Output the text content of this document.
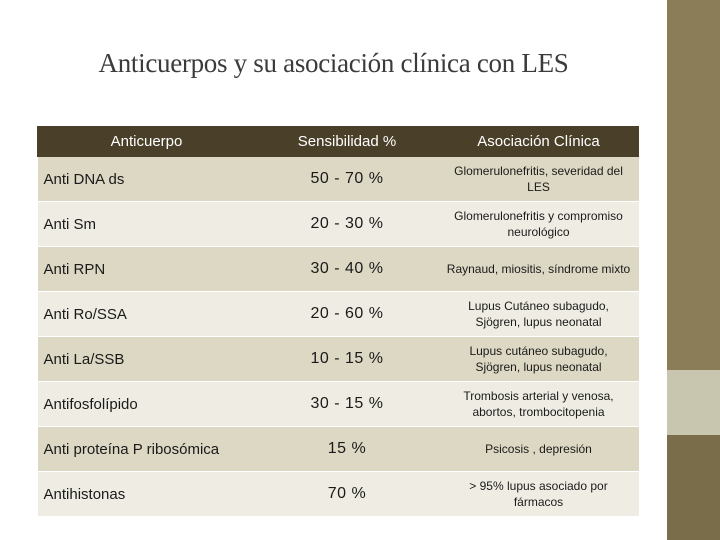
Anticuerpos y su asociación clínica con LES
Anticuerpo	Sensibilidad %	Asociación Clínica
Anti DNA ds	50 - 70 %	Glomerulonefritis, severidad del LES
Anti Sm	20 - 30 %	Glomerulonefritis y compromiso neurológico
Anti RPN	30 - 40 %	Raynaud, miositis, síndrome mixto
Anti Ro/SSA	20 - 60 %	Lupus Cutáneo subagudo, Sjögren, lupus neonatal
Anti La/SSB	10 - 15 %	Lupus cutáneo subagudo, Sjögren, lupus neonatal
Antifosfolípido	30 - 15 %	Trombosis arterial y venosa, abortos, trombocitopenia
Anti proteína P ribosómica	15 %	Psicosis , depresión
Antihistonas	70 %	> 95% lupus asociado por fármacos
